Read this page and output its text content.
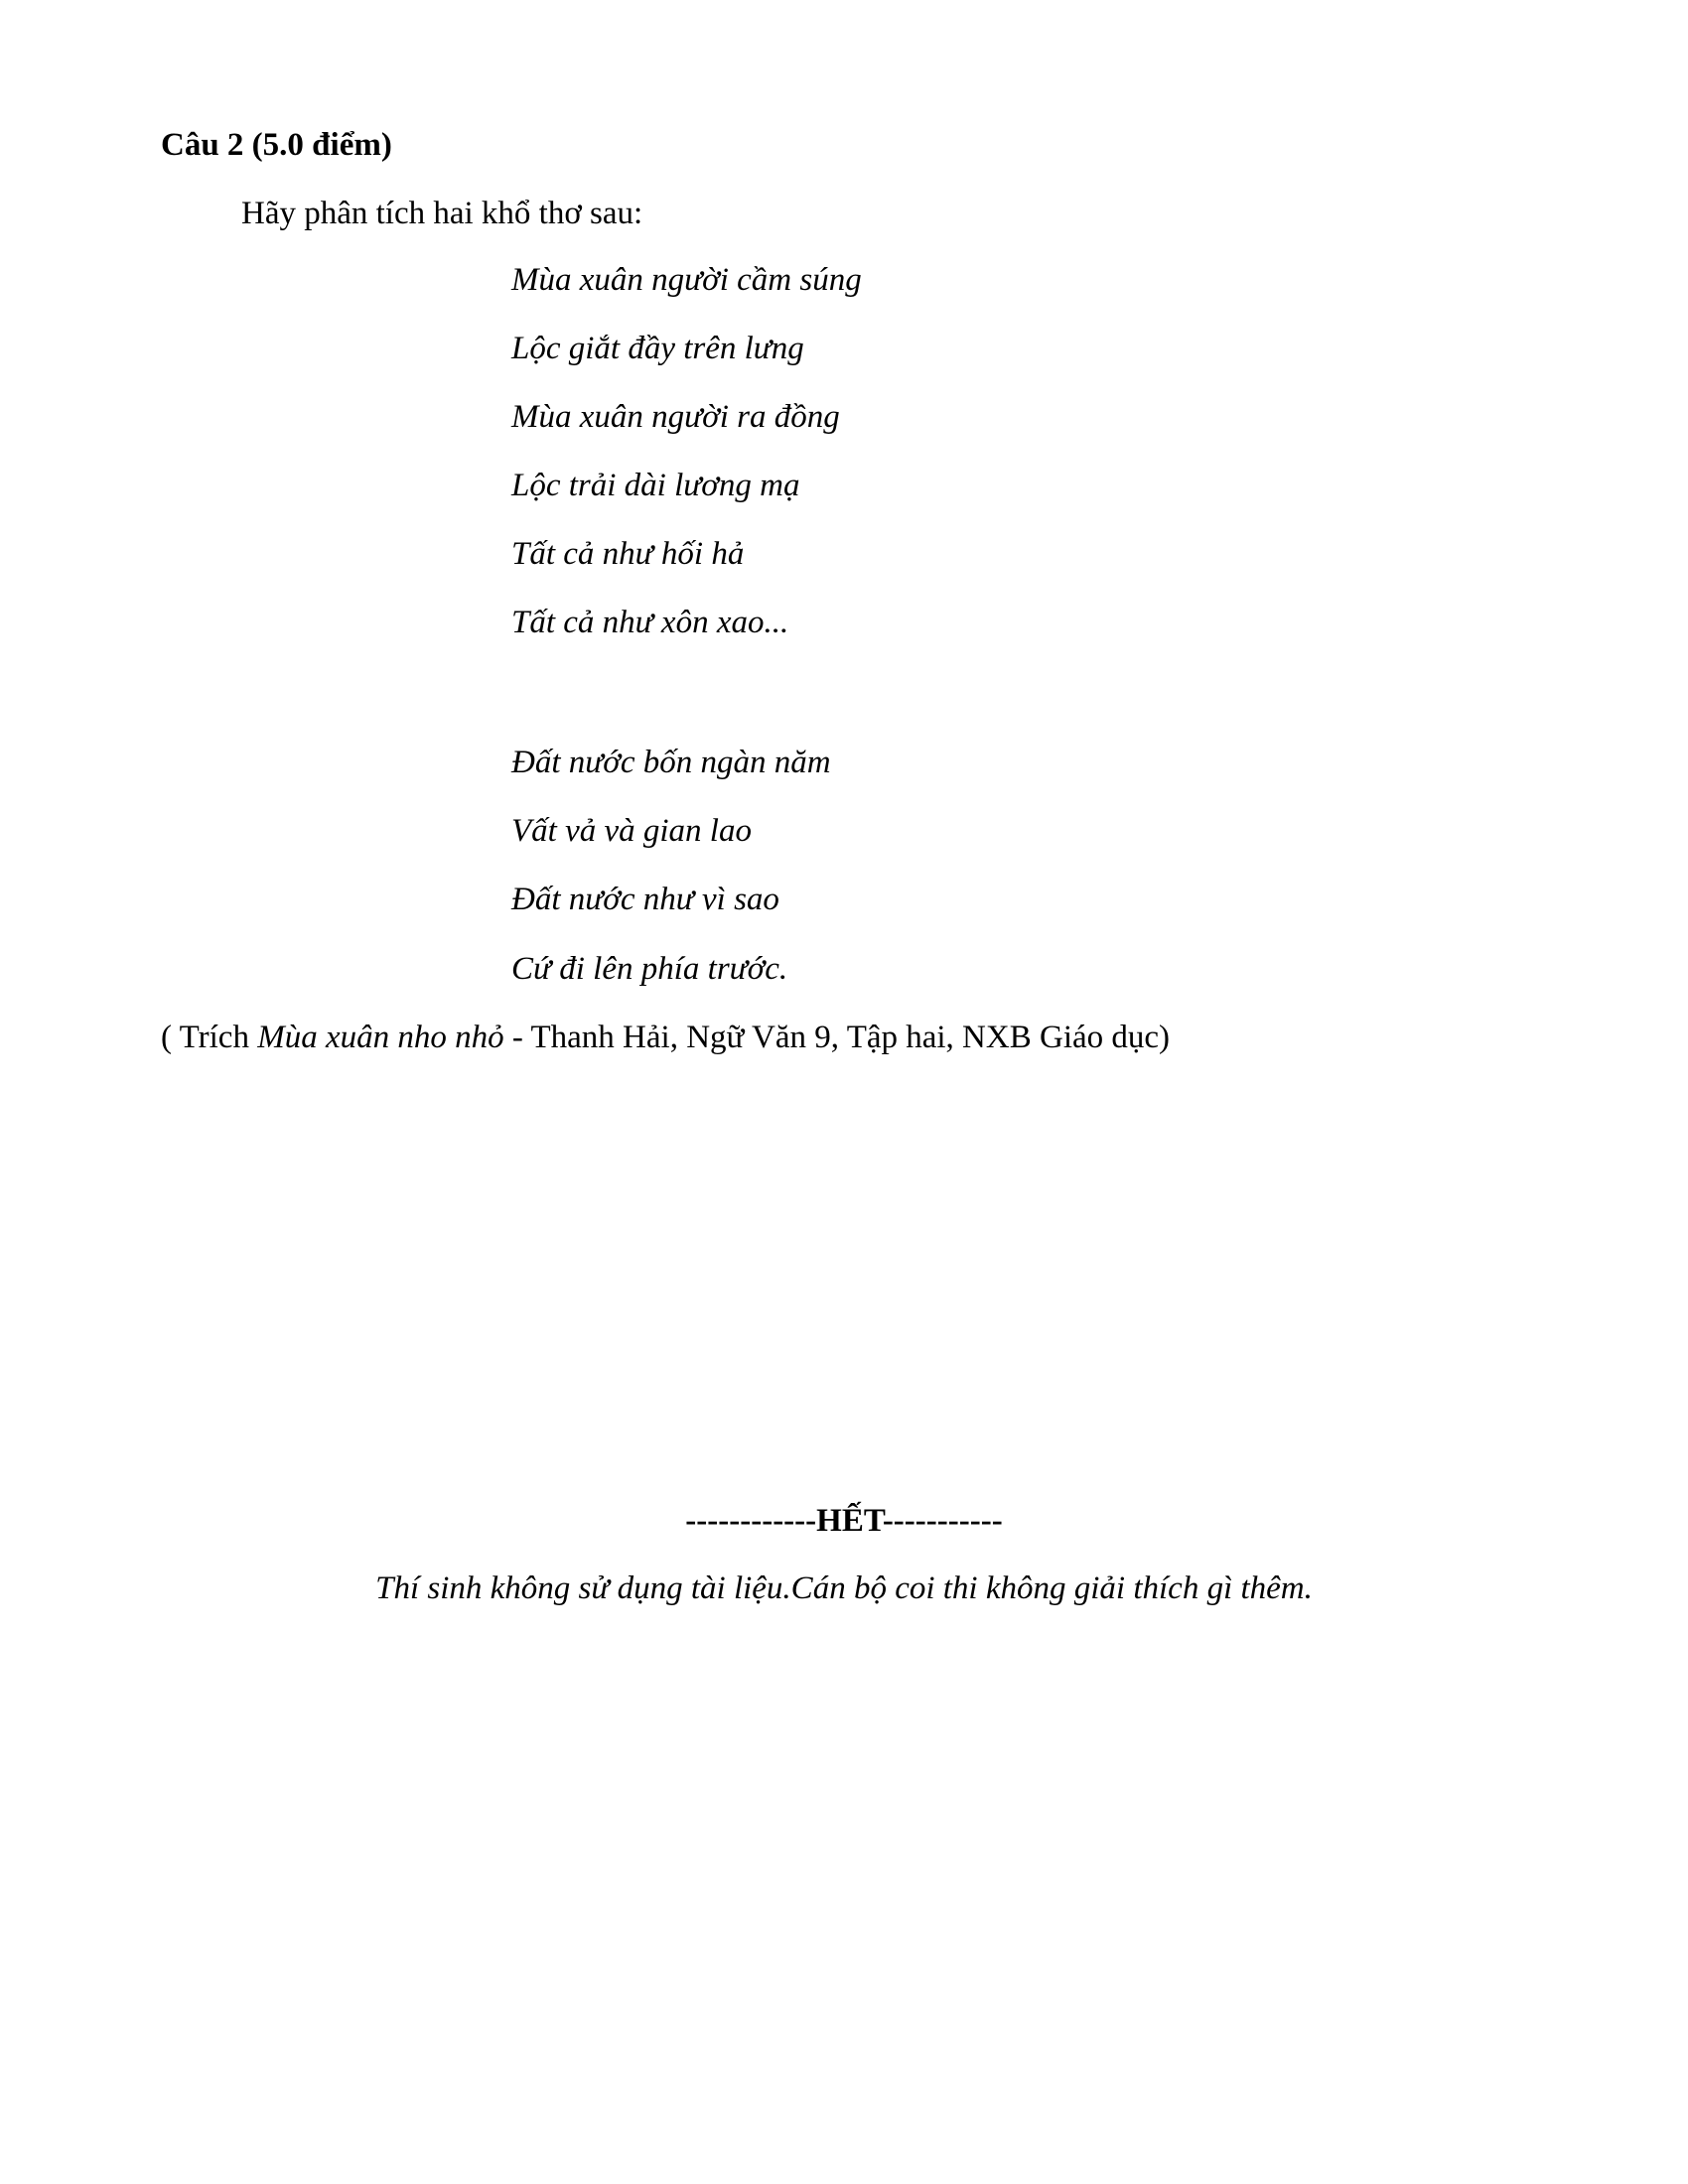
Câu 2 (5.0 điểm)
Hãy phân tích hai khổ thơ sau:
Mùa xuân người cầm súng
Lộc giắt đầy trên lưng
Mùa xuân người ra đồng
Lộc trải dài lương mạ
Tất cả như hối hả
Tất cả như xôn xao...
Đất nước bốn ngàn năm
Vất vả và gian lao
Đất nước như vì sao
Cứ đi lên phía trước.
( Trích Mùa xuân nho nhỏ - Thanh Hải, Ngữ Văn 9, Tập hai, NXB Giáo dục)
------------HẾT-----------
Thí sinh không sử dụng tài liệu.Cán bộ coi thi không giải thích gì thêm.
